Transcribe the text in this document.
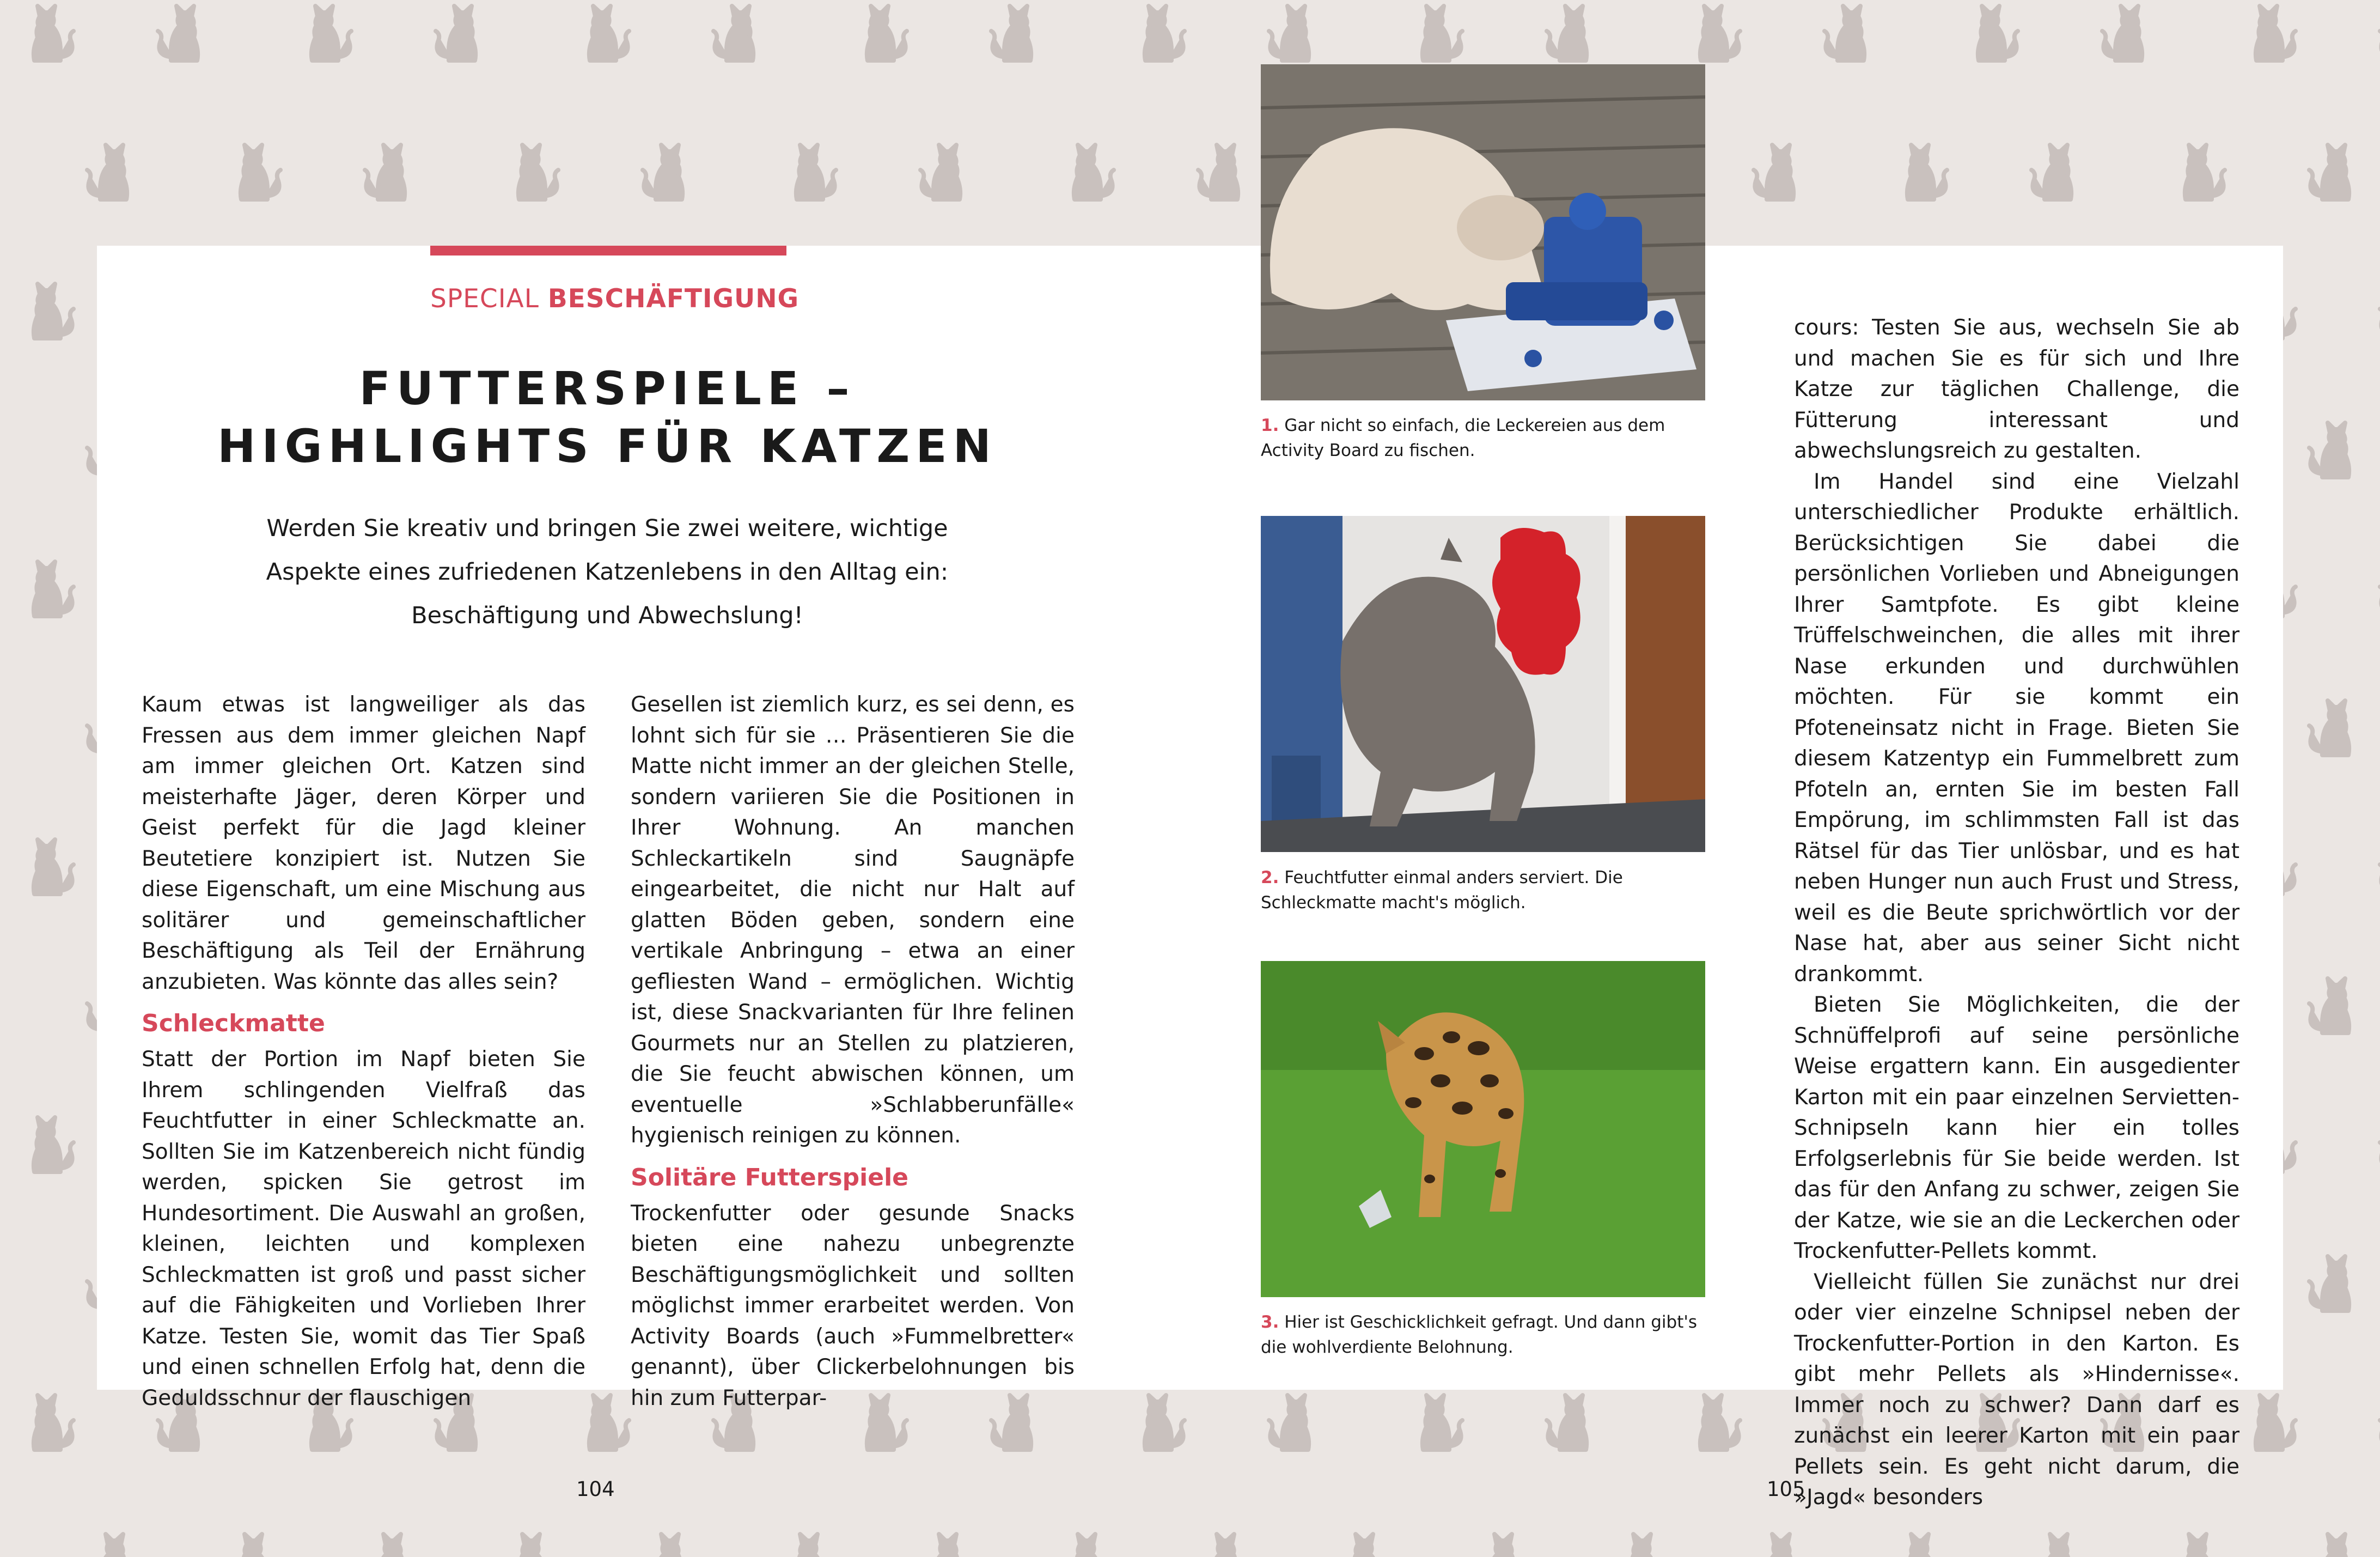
SPECIAL BESCHÄFTIGUNG
FUTTERSPIELE –
HIGHLIGHTS FÜR KATZEN
Werden Sie kreativ und bringen Sie zwei weitere, wichtige
Aspekte eines zufriedenen Katzenlebens in den Alltag ein:
Beschäftigung und Abwechslung!

Kaum etwas ist langweiliger als das Fressen aus dem immer gleichen Napf am immer gleichen Ort. Katzen sind meisterhafte Jäger, deren Körper und Geist perfekt für die Jagd kleiner Beutetiere konzipiert ist. Nutzen Sie diese Eigenschaft, um eine Mischung aus solitärer und gemeinschaftlicher Beschäftigung als Teil der Ernährung anzubieten. Was könnte das alles sein?

Schleckmatte

Statt der Portion im Napf bieten Sie Ihrem schlingenden Vielfraß das Feuchtfutter in einer Schleckmatte an. Sollten Sie im Katzenbereich nicht fündig werden, spicken Sie getrost im Hundesortiment. Die Auswahl an großen, kleinen, leichten und komplexen Schleckmatten ist groß und passt sicher auf die Fähigkeiten und Vorlieben Ihrer Katze. Testen Sie, womit das Tier Spaß und einen schnellen Erfolg hat, denn die Geduldsschnur der flauschigen

Gesellen ist ziemlich kurz, es sei denn, es lohnt sich für sie … Präsentieren Sie die Matte nicht immer an der gleichen Stelle, sondern variieren Sie die Positionen in Ihrer Wohnung. An manchen Schleckartikeln sind Saugnäpfe eingearbeitet, die nicht nur Halt auf glatten Böden geben, sondern eine vertikale Anbringung – etwa an einer gefliesten Wand – ermöglichen. Wichtig ist, diese Snackvarianten für Ihre felinen Gourmets nur an Stellen zu platzieren, die Sie feucht abwischen können, um eventuelle »Schlabberunfälle« hygienisch reinigen zu können.

Solitäre Futterspiele

Trockenfutter oder gesunde Snacks bieten eine nahezu unbegrenzte Beschäftigungsmöglichkeit und sollten möglichst immer erarbeitet werden. Von Activity Boards (auch »Fummelbretter« genannt), über Clickerbelohnungen bis hin zum Futterpar-

1. Gar nicht so einfach, die Leckereien aus dem Activity Board zu fischen.
2. Feuchtfutter einmal anders serviert. Die Schleckmatte macht's möglich.
3. Hier ist Geschicklichkeit gefragt. Und dann gibt's die wohlverdiente Belohnung.

cours: Testen Sie aus, wechseln Sie ab und machen Sie es für sich und Ihre Katze zur täglichen Challenge, die Fütterung interessant und abwechslungsreich zu gestalten.

Im Handel sind eine Vielzahl unterschiedlicher Produkte erhältlich. Berücksichtigen Sie dabei die persönlichen Vorlieben und Abneigungen Ihrer Samtpfote. Es gibt kleine Trüffelschweinchen, die alles mit ihrer Nase erkunden und durchwühlen möchten. Für sie kommt ein Pfoteneinsatz nicht in Frage. Bieten Sie diesem Katzentyp ein Fummelbrett zum Pfoteln an, ernten Sie im besten Fall Empörung, im schlimmsten Fall ist das Rätsel für das Tier unlösbar, und es hat neben Hunger nun auch Frust und Stress, weil es die Beute sprichwörtlich vor der Nase hat, aber aus seiner Sicht nicht drankommt.

Bieten Sie Möglichkeiten, die der Schnüffelprofi auf seine persönliche Weise ergattern kann. Ein ausgedienter Karton mit ein paar einzelnen Servietten-Schnipseln kann hier ein tolles Erfolgserlebnis für Sie beide werden. Ist das für den Anfang zu schwer, zeigen Sie der Katze, wie sie an die Leckerchen oder Trockenfutter-Pellets kommt.

Vielleicht füllen Sie zunächst nur drei oder vier einzelne Schnipsel neben der Trockenfutter-Portion in den Karton. Es gibt mehr Pellets als »Hindernisse«. Immer noch zu schwer? Dann darf es zunächst ein leerer Karton mit ein paar Pellets sein. Es geht nicht darum, die »Jagd« besonders

104	105
